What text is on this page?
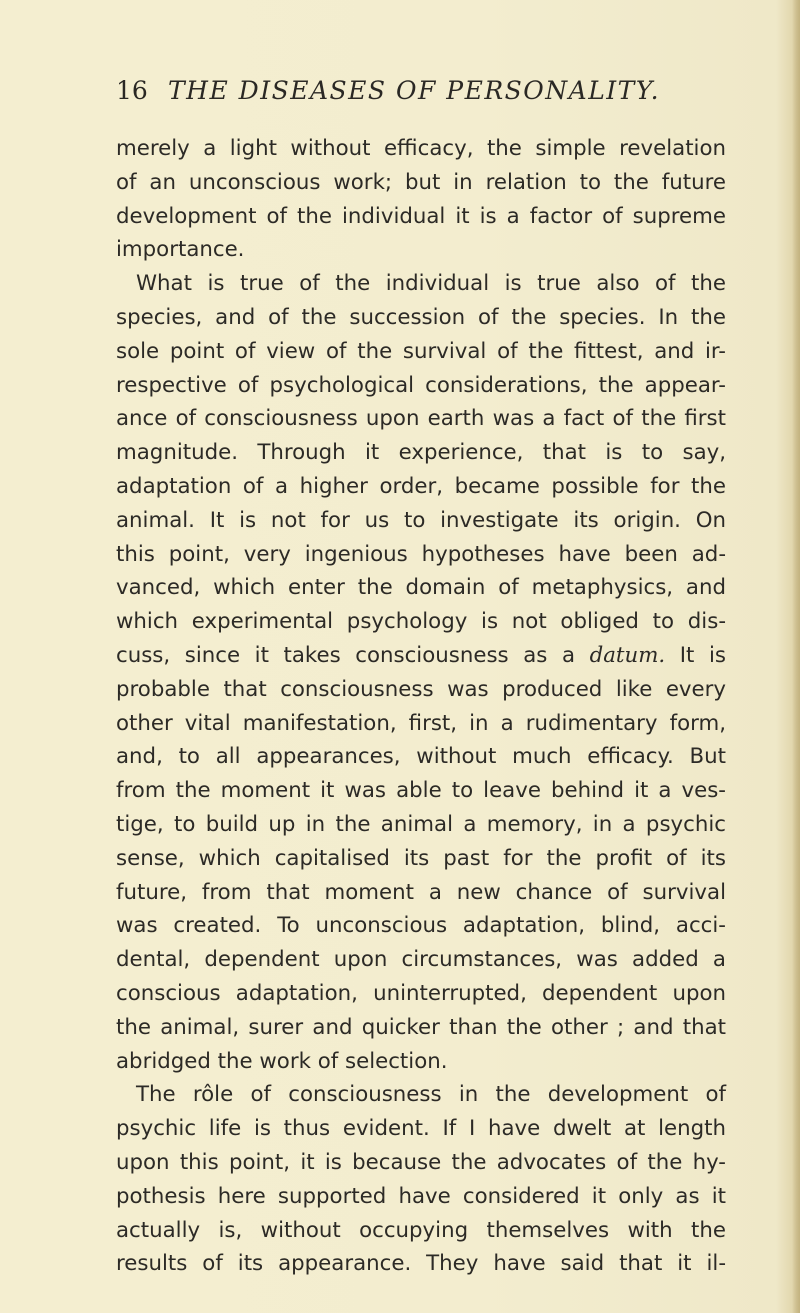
16 THE DISEASES OF PERSONALITY.
merely a light without efficacy, the simple revelation
of an unconscious work; but in relation to the future
development of the individual it is a factor of supreme
importance.
What is true of the individual is true also of the
species, and of the succession of the species. In the
sole point of view of the survival of the fittest, and ir-
respective of psychological considerations, the appear-
ance of consciousness upon earth was a fact of the first
magnitude. Through it experience, that is to say,
adaptation of a higher order, became possible for the
animal. It is not for us to investigate its origin. On
this point, very ingenious hypotheses have been ad-
vanced, which enter the domain of metaphysics, and
which experimental psychology is not obliged to dis-
cuss, since it takes consciousness as a datum. It is
probable that consciousness was produced like every
other vital manifestation, first, in a rudimentary form,
and, to all appearances, without much efficacy. But
from the moment it was able to leave behind it a ves-
tige, to build up in the animal a memory, in a psychic
sense, which capitalised its past for the profit of its
future, from that moment a new chance of survival
was created. To unconscious adaptation, blind, acci-
dental, dependent upon circumstances, was added a
conscious adaptation, uninterrupted, dependent upon
the animal, surer and quicker than the other ; and that
abridged the work of selection.
The rôle of consciousness in the development of
psychic life is thus evident. If I have dwelt at length
upon this point, it is because the advocates of the hy-
pothesis here supported have considered it only as it
actually is, without occupying themselves with the
results of its appearance. They have said that it il-
